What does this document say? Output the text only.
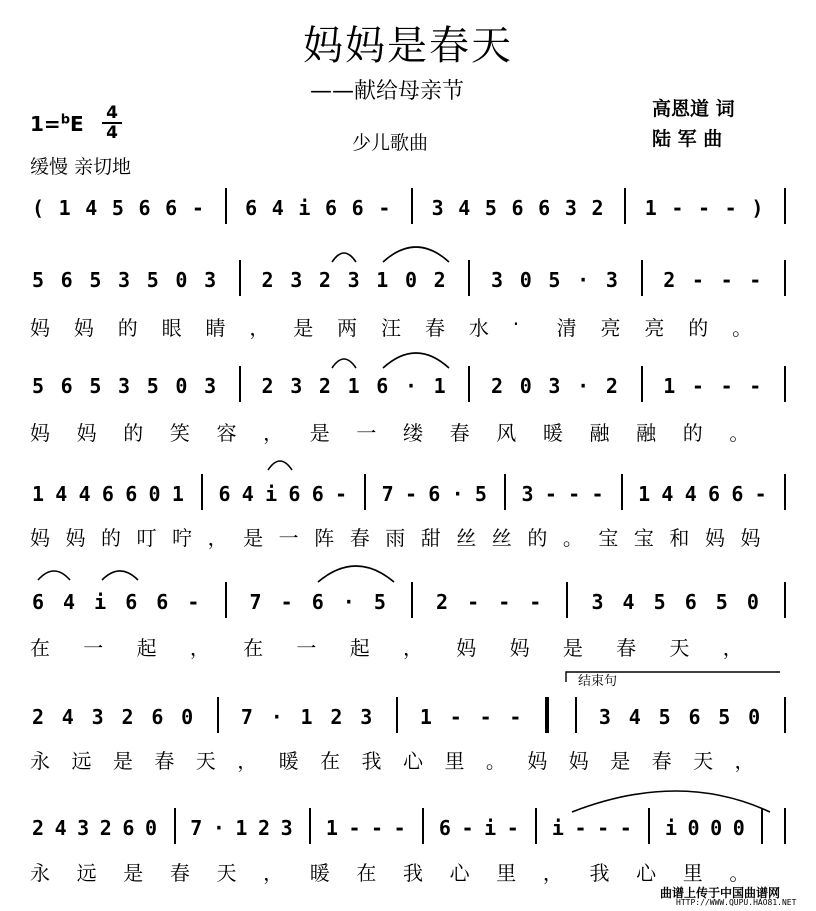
妈妈是春天
——献给母亲节
1=$^b$E 4
4
缓慢 亲切地
少儿歌曲
高恩道 词
陆 军 曲
( 1 4 5 6 6 - 6 4 i 6 6 - 3 4 5 6 6 3 2 1 - - - )
5 6 5 3 5 0 3 2 3 2 3 1 0 2 3 0 5 · 3 2 - - -
妈 妈 的 眼 睛 ， 是 两 汪 春 水 · 清 亮 亮 的 。
5 6 5 3 5 0 3 2 3 2 1 6 · 1 2 0 3 · 2 1 - - -
妈 妈 的 笑 容 ， 是 一 缕 春 风 暖 融 融 的 。
1 4 4 6 6 0 1 6 4 i 6 6 - 7 - 6 · 5 3 - - - 1 4 4 6 6 -
妈 妈 的 叮 咛 ， 是 一 阵 春 雨 甜 丝 丝 的 。 宝 宝 和 妈 妈
6 4 i 6 6 -	7 - 6 · 5	2 - - -	3 4 5 6 5 0
在 一 起 ， 在 一 起 ， 妈 妈 是 春 天 ，
2 4 3 2 6 0 7 · 1 2 3 1 - - -	3 4 5 6 5 0
永 远 是 春 天 ， 暖 在 我 心 里 。 妈 妈 是 春 天 ，
2 4 3 2 6 0 7 · 1 2 3 1 - - - 6 - i - i - - - i 0 0 0
永 远 是 春 天 ， 暖 在 我 心 里 ， 我 心 里 。
结束句
曲谱上传于中国曲谱网
HTTP://WWW.QUPU.HAO81.NET
